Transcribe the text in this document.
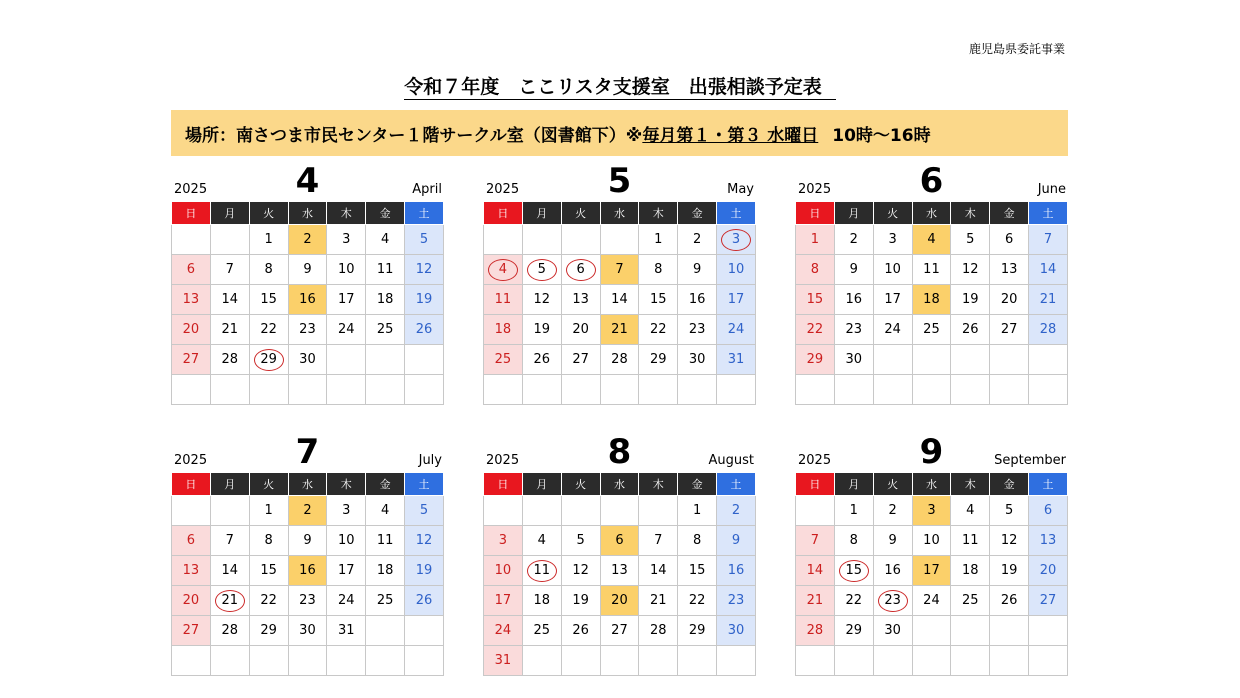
鹿児島県委託事業
令和７年度　ここリスタ支援室　出張相談予定表
場所：南さつま市民センター１階サークル室（図書館下）※ 毎月第１・第３ 水曜日 10時～16時
2025	4	April
日	月	火	水	木	金	土
		1	2	3	4	5
6	7	8	9	10	11	12
13	14	15	16	17	18	19
20	21	22	23	24	25	26
27	28	29	30			

2025	5	May
日	月	火	水	木	金	土
				1	2	3
4	5	6	7	8	9	10
11	12	13	14	15	16	17
18	19	20	21	22	23	24
25	26	27	28	29	30	31

2025	6	June
日	月	火	水	木	金	土
1	2	3	4	5	6	7
8	9	10	11	12	13	14
15	16	17	18	19	20	21
22	23	24	25	26	27	28
29	30					

2025	7	July
日	月	火	水	木	金	土
		1	2	3	4	5
6	7	8	9	10	11	12
13	14	15	16	17	18	19
20	21	22	23	24	25	26
27	28	29	30	31		

2025	8	August
日	月	火	水	木	金	土
					1	2
3	4	5	6	7	8	9
10	11	12	13	14	15	16
17	18	19	20	21	22	23
24	25	26	27	28	29	30
31						
2025	9	September
日	月	火	水	木	金	土
	1	2	3	4	5	6
7	8	9	10	11	12	13
14	15	16	17	18	19	20
21	22	23	24	25	26	27
28	29	30				
